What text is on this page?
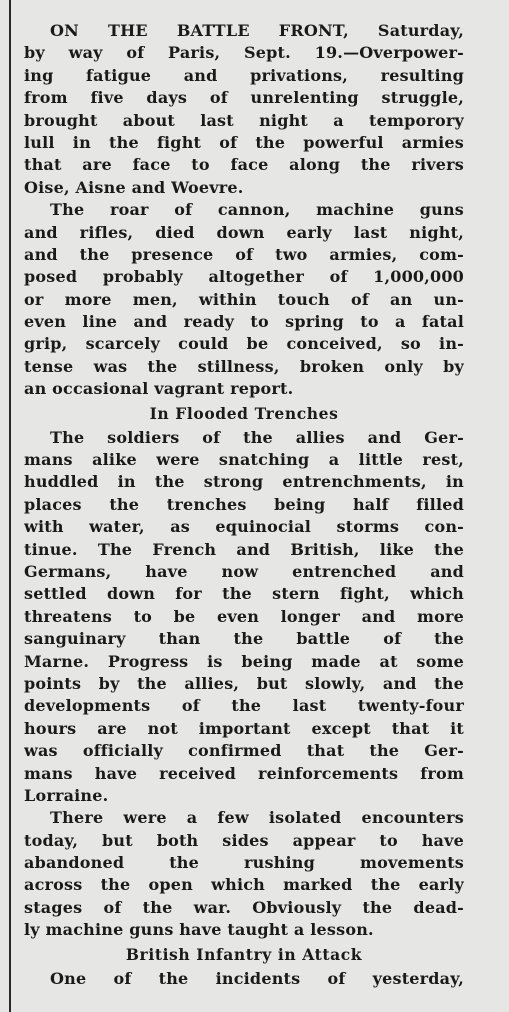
ON THE BATTLE FRONT, Saturday,
by way of Paris, Sept. 19.—Overpower-
ing fatigue and privations, resulting
from five days of unrelenting struggle,
brought about last night a temporory
lull in the fight of the powerful armies
that are face to face along the rivers
Oise, Aisne and Woevre.
The roar of cannon, machine guns
and rifles, died down early last night,
and the presence of two armies, com-
posed probably altogether of 1,000,000
or more men, within touch of an un-
even line and ready to spring to a fatal
grip, scarcely could be conceived, so in-
tense was the stillness, broken only by
an occasional vagrant report.
In Flooded Trenches
The soldiers of the allies and Ger-
mans alike were snatching a little rest,
huddled in the strong entrenchments, in
places the trenches being half filled
with water, as equinocial storms con-
tinue. The French and British, like the
Germans, have now entrenched and
settled down for the stern fight, which
threatens to be even longer and more
sanguinary than the battle of the
Marne. Progress is being made at some
points by the allies, but slowly, and the
developments of the last twenty-four
hours are not important except that it
was officially confirmed that the Ger-
mans have received reinforcements from
Lorraine.
There were a few isolated encounters
today, but both sides appear to have
abandoned the rushing movements
across the open which marked the early
stages of the war. Obviously the dead-
ly machine guns have taught a lesson.
British Infantry in Attack
One of the incidents of yesterday,
